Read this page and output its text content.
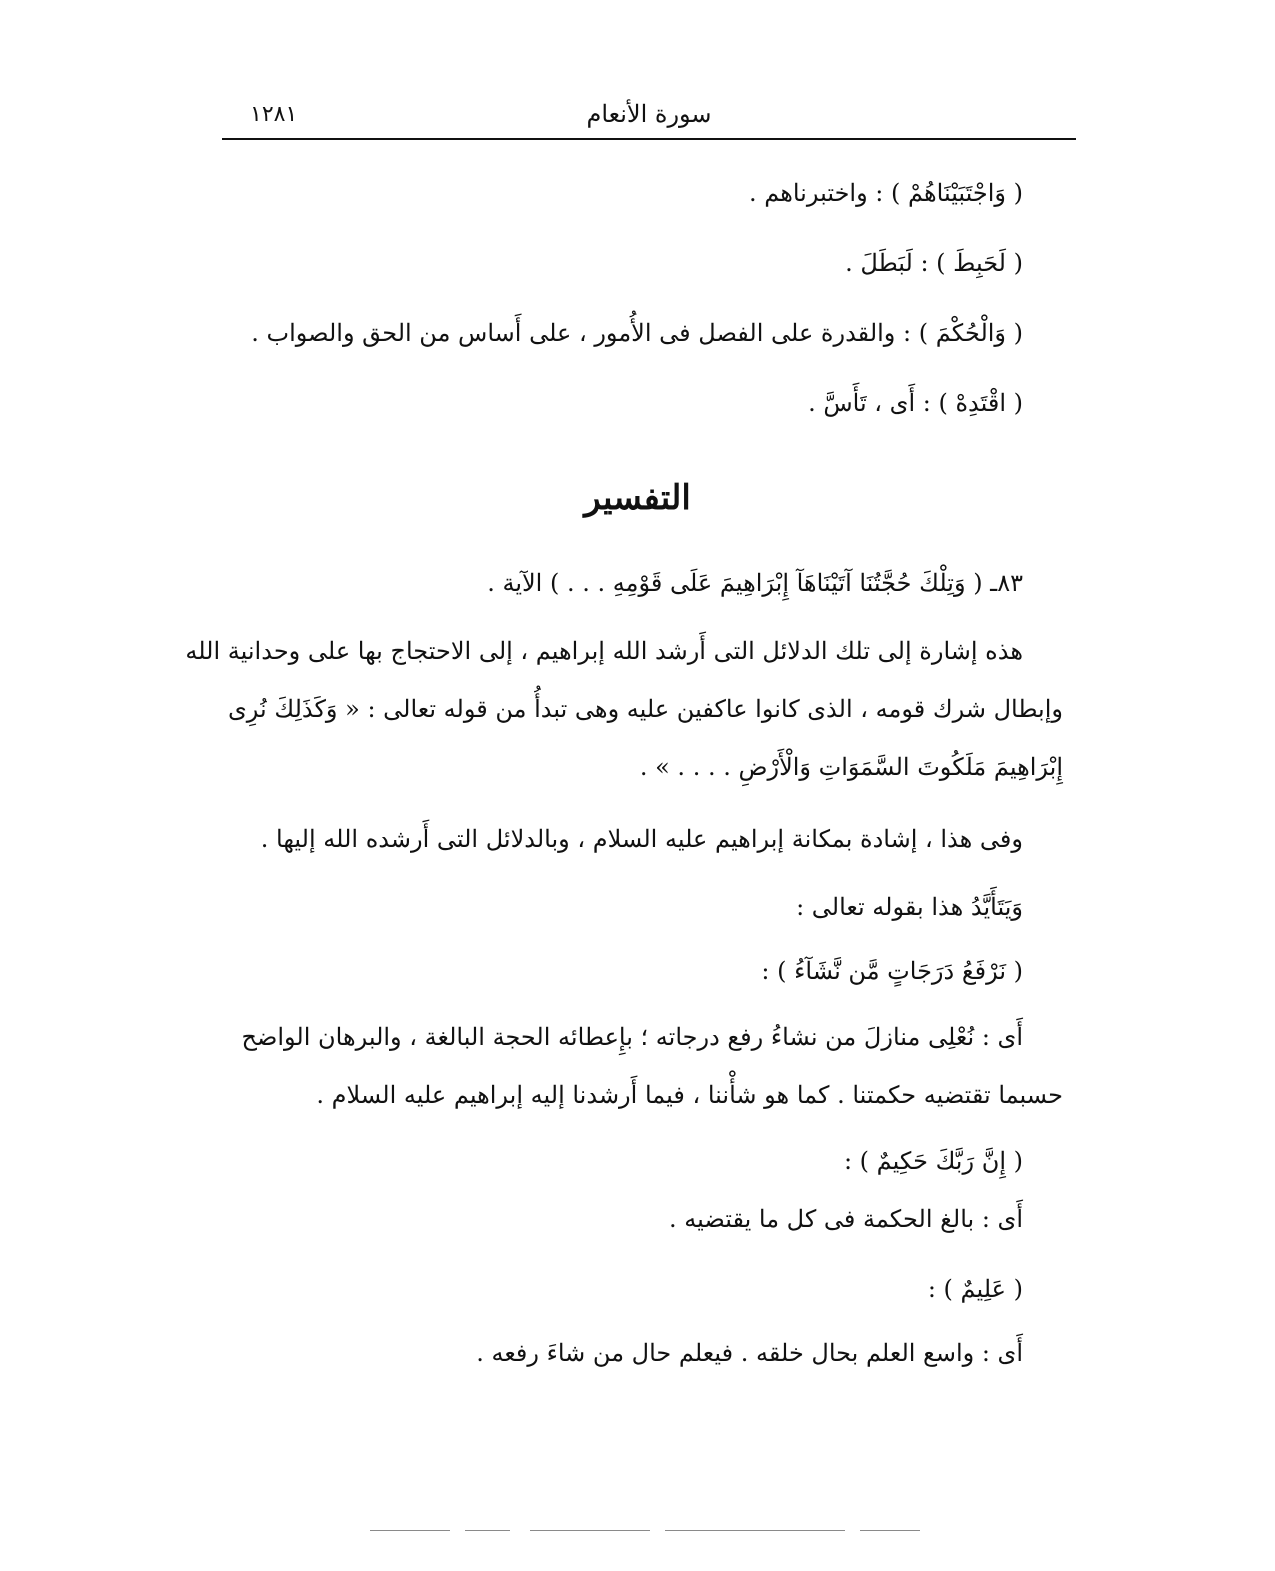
١٢٨١	سورة الأنعام

( وَاجْتَبَيْنَاهُمْ ) : واختبرناهم .

( لَحَبِطَ ) : لَبَطَلَ .

( وَالْحُكْمَ ) : والقدرة على الفصل فى الأُمور ، على أَساس من الحق والصواب .

( اقْتَدِهْ ) : أَى ، تَأَسَّ .

التفسير

٨٣ـ ( وَتِلْكَ حُجَّتُنَا آتَيْنَاهَآ إِبْرَاهِيمَ عَلَى قَوْمِهِ . . . ) الآية .

هذه إشارة إلى تلك الدلائل التى أَرشد الله إبراهيم ، إلى الاحتجاج بها على وحدانية الله

وإبطال شرك قومه ، الذى كانوا عاكفين عليه وهى تبدأُ من قوله تعالى : « وَكَذَلِكَ نُرِى

إِبْرَاهِيمَ مَلَكُوتَ السَّمَوَاتِ وَالْأَرْضِ . . . . » .

وفى هذا ، إشادة بمكانة إبراهيم عليه السلام ، وبالدلائل التى أَرشده الله إليها .

وَيَتَأَيَّدُ هذا بقوله تعالى :

( نَرْفَعُ دَرَجَاتٍ مَّن نَّشَآءُ ) :

أَى : نُعْلِى منازلَ من نشاءُ رفع درجاته ؛ بإِعطائه الحجة البالغة ، والبرهان الواضح

حسبما تقتضيه حكمتنا . كما هو شأْننا ، فيما أَرشدنا إليه إبراهيم عليه السلام .

( إِنَّ رَبَّكَ حَكِيمٌ ) :

أَى : بالغ الحكمة فى كل ما يقتضيه .

( عَلِيمٌ ) :

أَى : واسع العلم بحال خلقه . فيعلم حال من شاءَ رفعه .
